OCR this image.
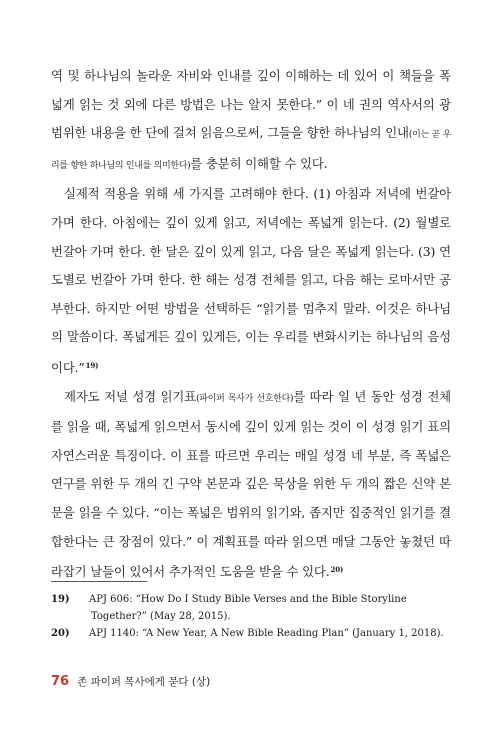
역 및 하나님의 놀라운 자비와 인내를 깊이 이해하는 데 있어 이 책들을 폭넓게 읽는 것 외에 다른 방법은 나는 알지 못한다.” 이 네 권의 역사서의 광범위한 내용을 한 단에 걸쳐 읽음으로써, 그들을 향한 하나님의 인내(이는 곧 우리를 향한 하나님의 인내를 의미한다)를 충분히 이해할 수 있다.

실제적 적용을 위해 세 가지를 고려해야 한다. (1) 아침과 저녁에 번갈아 가며 한다. 아침에는 깊이 있게 읽고, 저녁에는 폭넓게 읽는다. (2) 월별로 번갈아 가며 한다. 한 달은 깊이 있게 읽고, 다음 달은 폭넓게 읽는다. (3) 연도별로 번갈아 가며 한다. 한 해는 성경 전체를 읽고, 다음 해는 로마서만 공부한다. 하지만 어떤 방법을 선택하든 “읽기를 멈추지 말라. 이것은 하나님의 말씀이다. 폭넓게든 깊이 있게든, 이는 우리를 변화시키는 하나님의 음성이다.”$^{19)}$

제자도 저널 성경 읽기표(파이퍼 목사가 선호한다)를 따라 일 년 동안 성경 전체를 읽을 때, 폭넓게 읽으면서 동시에 깊이 있게 읽는 것이 이 성경 읽기 표의 자연스러운 특징이다. 이 표를 따르면 우리는 매일 성경 네 부분, 즉 폭넓은 연구를 위한 두 개의 긴 구약 본문과 깊은 묵상을 위한 두 개의 짧은 신약 본문을 읽을 수 있다. “이는 폭넓은 범위의 읽기와, 좁지만 집중적인 읽기를 결합한다는 큰 장점이 있다.” 이 계획표를 따라 읽으면 매달 그동안 놓쳤던 따라잡기 날들이 있어서 추가적인 도움을 받을 수 있다.$^{20)}$

19) APJ 606: “How Do I Study Bible Verses and the Bible Storyline Together?” (May 28, 2015).

20) APJ 1140: “A New Year, A New Bible Reading Plan” (January 1, 2018).

76 존 파이퍼 목사에게 묻다 (상)
